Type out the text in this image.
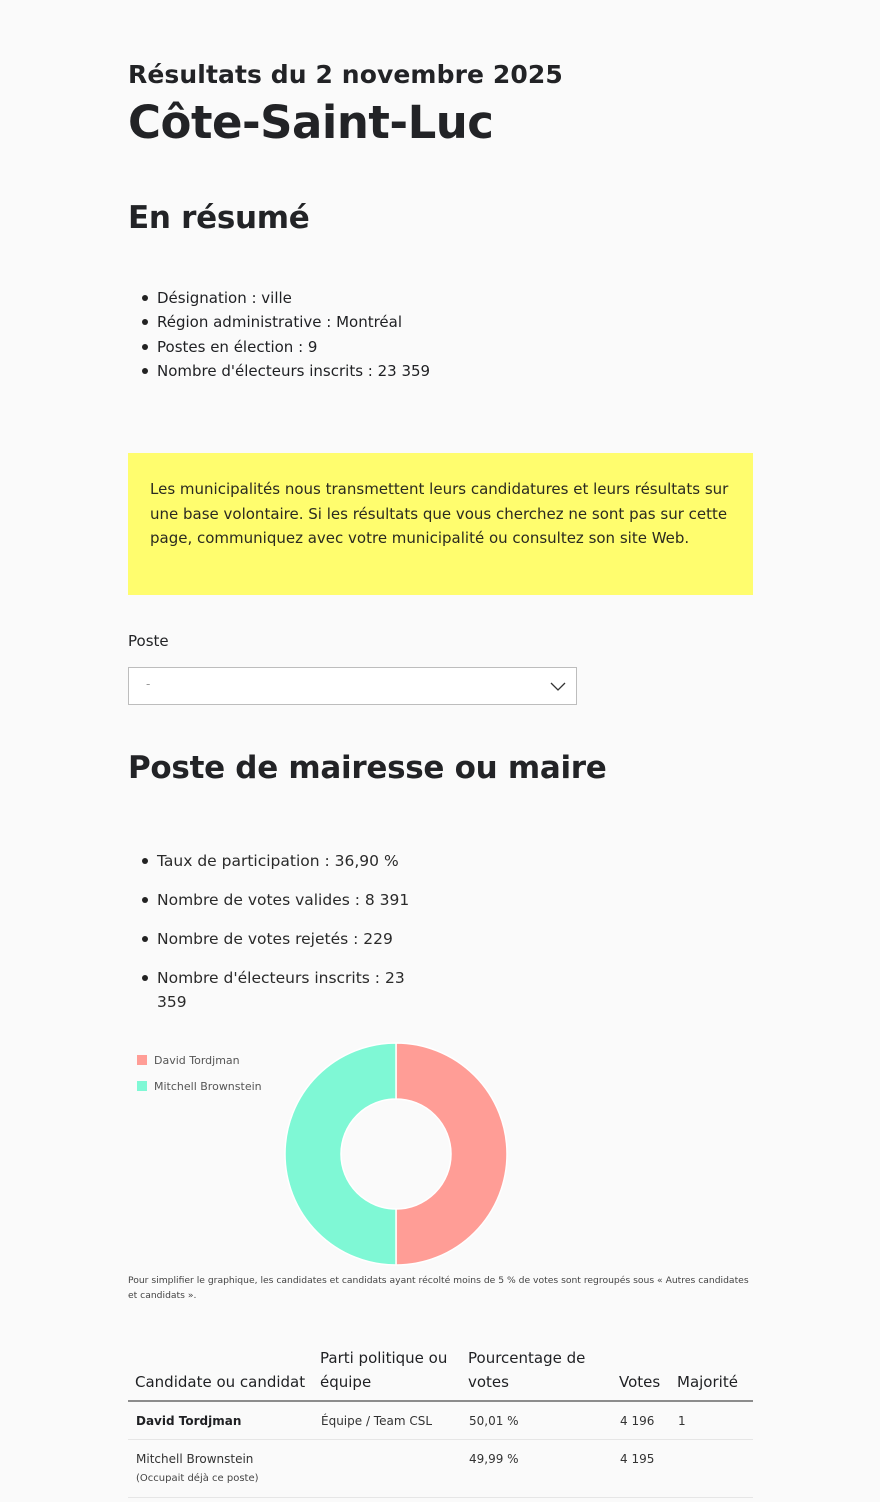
Résultats du 2 novembre 2025
Côte-Saint-Luc
En résumé
Désignation : ville
Région administrative : Montréal
Postes en élection : 9
Nombre d'électeurs inscrits : 23 359
Les municipalités nous transmettent leurs candidatures et leurs résultats sur une base volontaire. Si les résultats que vous cherchez ne sont pas sur cette page, communiquez avec votre municipalité ou consultez son site Web.
Poste
-
Poste de mairesse ou maire
Taux de participation : 36,90 %
Nombre de votes valides : 8 391
Nombre de votes rejetés : 229
Nombre d'électeurs inscrits : 23 359
David Tordjman
Mitchell Brownstein
Pour simplifier le graphique, les candidates et candidats ayant récolté moins de 5 % de votes sont regroupés sous « Autres candidates et candidats ».
Candidate ou candidat	Parti politique ou équipe	Pourcentage de votes	Votes	Majorité
David Tordjman	Équipe / Team CSL	50,01 %	4 196	1
Mitchell Brownstein
(Occupait déjà ce poste)		49,99 %	4 195	
